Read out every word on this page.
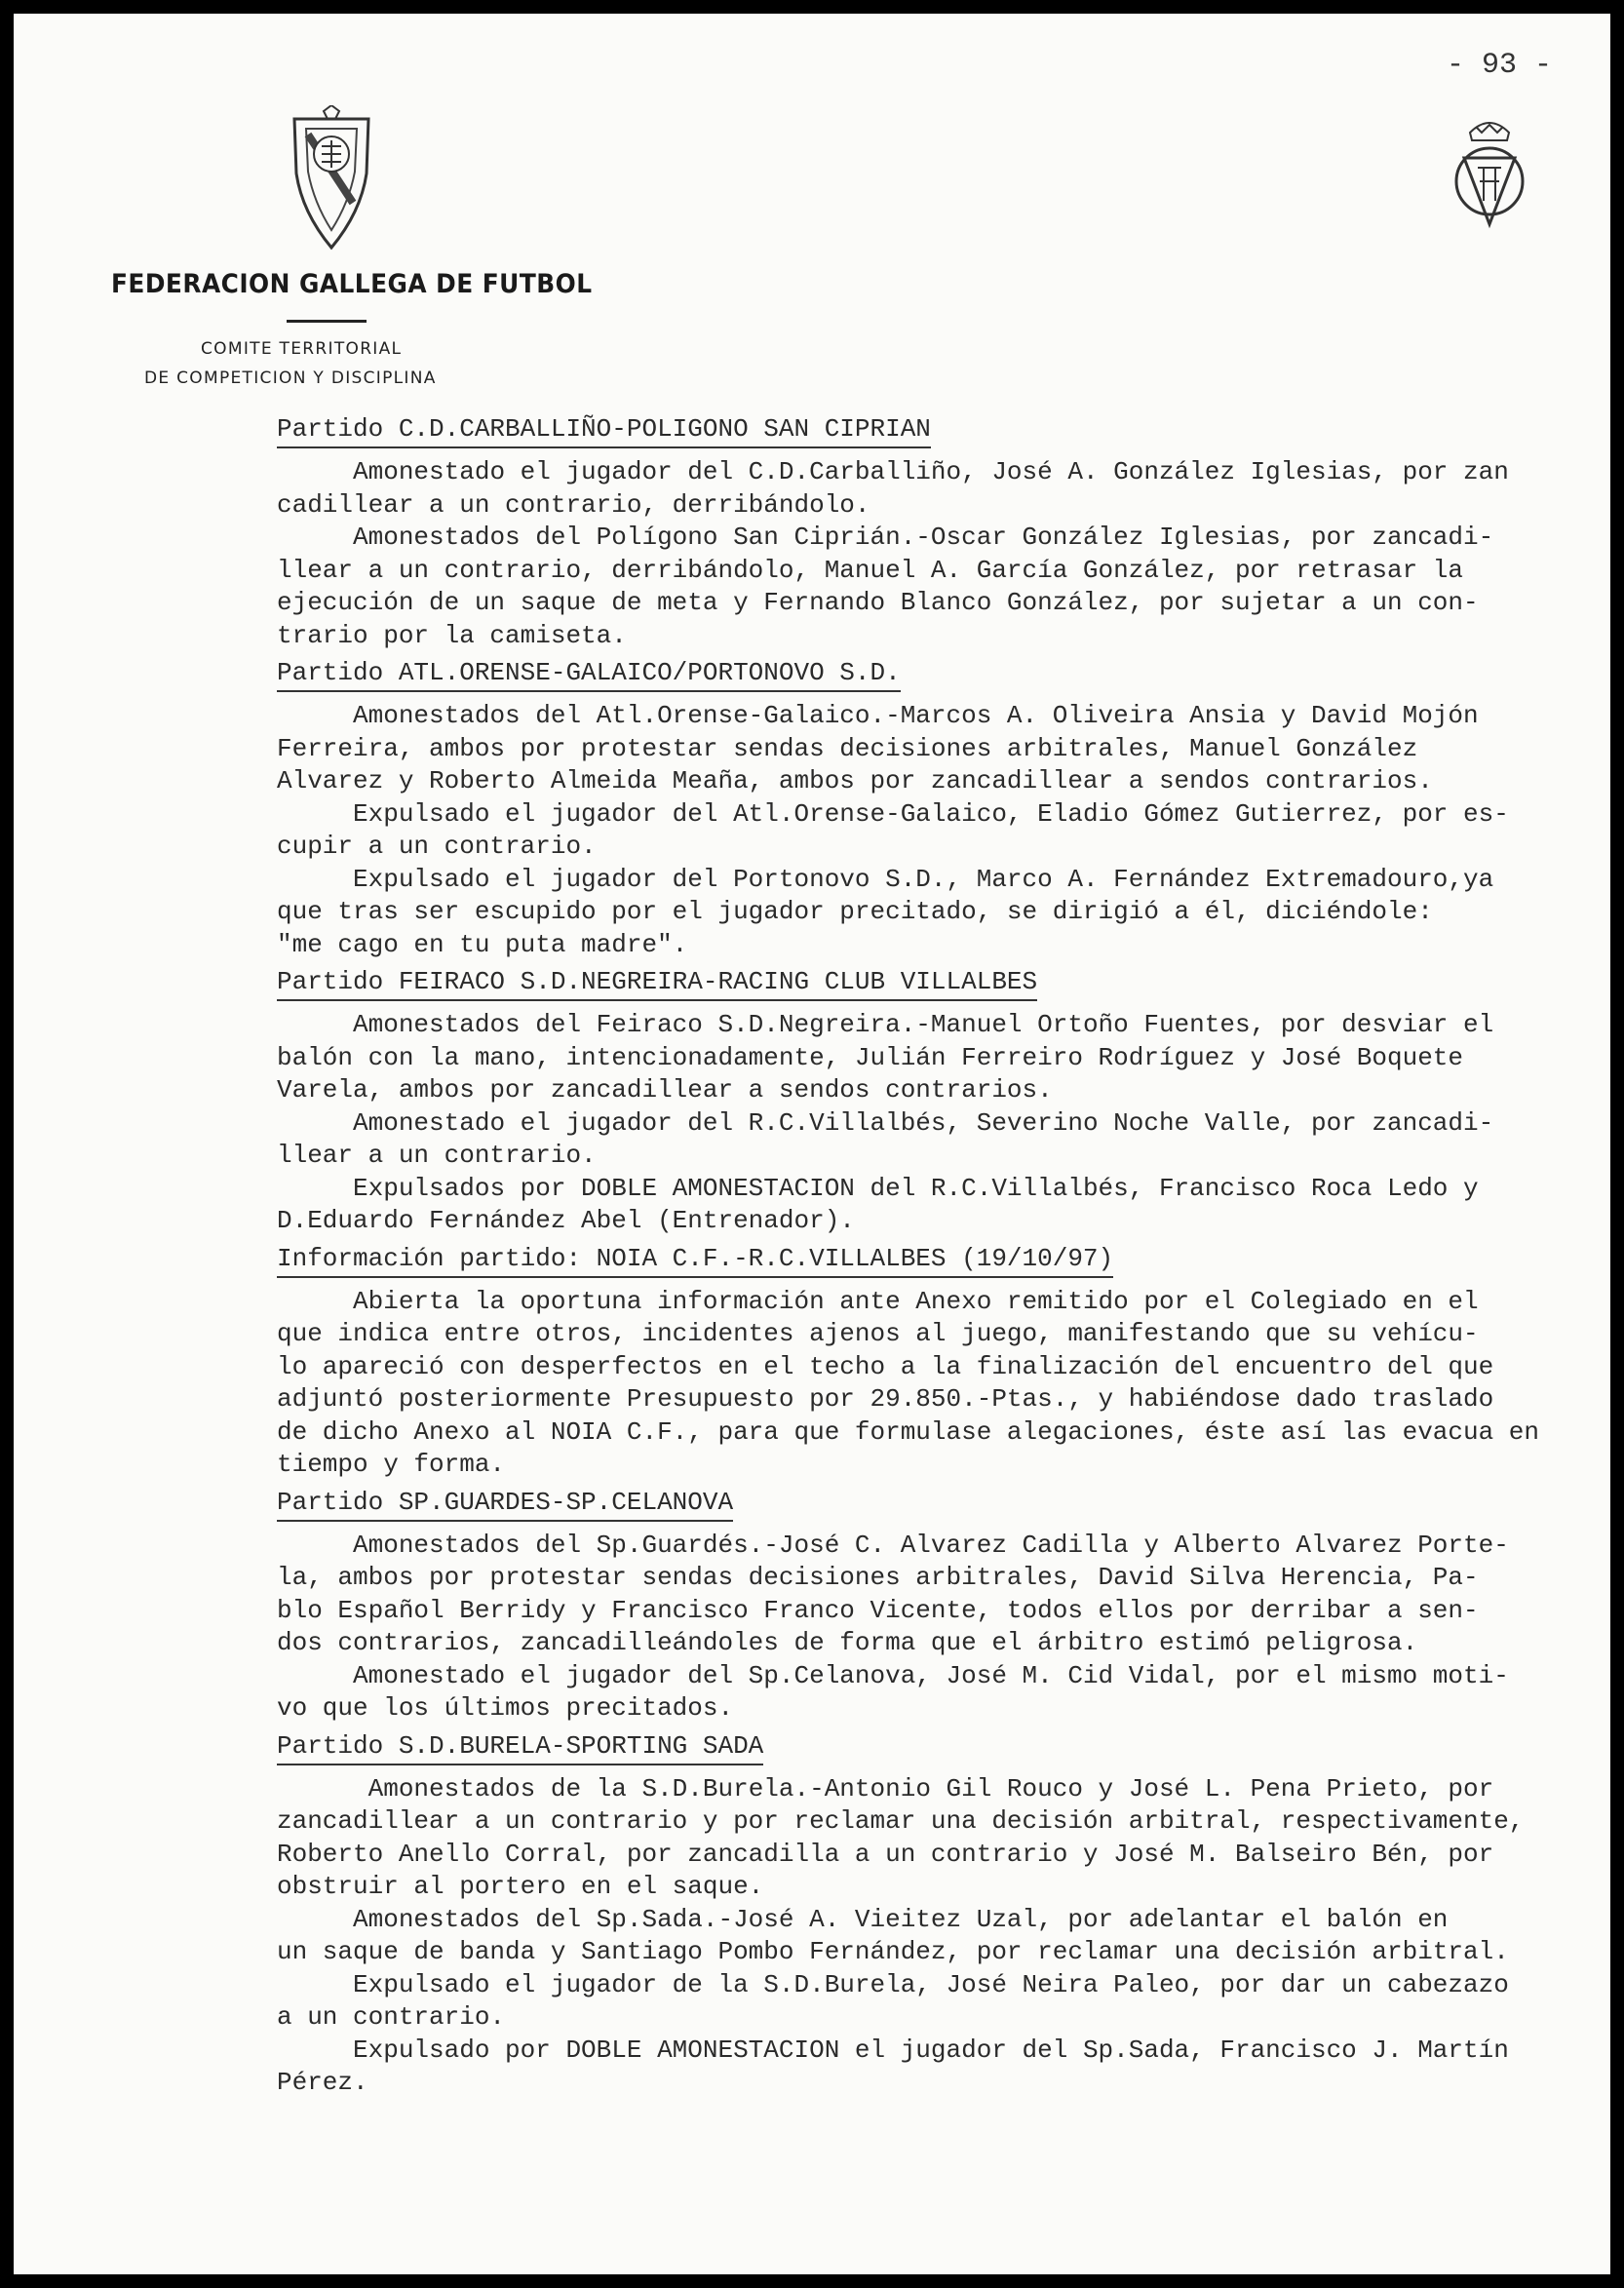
- 93 -
FEDERACION GALLEGA DE FUTBOL
COMITE TERRITORIAL
DE COMPETICION Y DISCIPLINA
Partido C.D.CARBALLIÑO-POLIGONO SAN CIPRIAN
Amonestado el jugador del C.D.Carballiño, José A. González Iglesias, por zan
cadillear a un contrario, derribándolo.
Amonestados del Polígono San Ciprián.-Oscar González Iglesias, por zancadi-
llear a un contrario, derribándolo, Manuel A. García González, por retrasar la
ejecución de un saque de meta y Fernando Blanco González, por sujetar a un con-
trario por la camiseta.
Partido ATL.ORENSE-GALAICO/PORTONOVO S.D.
Amonestados del Atl.Orense-Galaico.-Marcos A. Oliveira Ansia y David Mojón
Ferreira, ambos por protestar sendas decisiones arbitrales, Manuel González
Alvarez y Roberto Almeida Meaña, ambos por zancadillear a sendos contrarios.
Expulsado el jugador del Atl.Orense-Galaico, Eladio Gómez Gutierrez, por es-
cupir a un contrario.
Expulsado el jugador del Portonovo S.D., Marco A. Fernández Extremadouro,ya
que tras ser escupido por el jugador precitado, se dirigió a él, diciéndole:
"me cago en tu puta madre".
Partido FEIRACO S.D.NEGREIRA-RACING CLUB VILLALBES
Amonestados del Feiraco S.D.Negreira.-Manuel Ortoño Fuentes, por desviar el
balón con la mano, intencionadamente, Julián Ferreiro Rodríguez y José Boquete
Varela, ambos por zancadillear a sendos contrarios.
Amonestado el jugador del R.C.Villalbés, Severino Noche Valle, por zancadi-
llear a un contrario.
Expulsados por DOBLE AMONESTACION del R.C.Villalbés, Francisco Roca Ledo y
D.Eduardo Fernández Abel (Entrenador).
Información partido: NOIA C.F.-R.C.VILLALBES (19/10/97)
Abierta la oportuna información ante Anexo remitido por el Colegiado en el
que indica entre otros, incidentes ajenos al juego, manifestando que su vehícu-
lo apareció con desperfectos en el techo a la finalización del encuentro del que
adjuntó posteriormente Presupuesto por 29.850.-Ptas., y habiéndose dado traslado
de dicho Anexo al NOIA C.F., para que formulase alegaciones, éste así las evacua en
tiempo y forma.
Partido SP.GUARDES-SP.CELANOVA
Amonestados del Sp.Guardés.-José C. Alvarez Cadilla y Alberto Alvarez Porte-
la, ambos por protestar sendas decisiones arbitrales, David Silva Herencia, Pa-
blo Español Berridy y Francisco Franco Vicente, todos ellos por derribar a sen-
dos contrarios, zancadilleándoles de forma que el árbitro estimó peligrosa.
Amonestado el jugador del Sp.Celanova, José M. Cid Vidal, por el mismo moti-
vo que los últimos precitados.
Partido S.D.BURELA-SPORTING SADA
Amonestados de la S.D.Burela.-Antonio Gil Rouco y José L. Pena Prieto, por
zancadillear a un contrario y por reclamar una decisión arbitral, respectivamente,
Roberto Anello Corral, por zancadilla a un contrario y José M. Balseiro Bén, por
obstruir al portero en el saque.
Amonestados del Sp.Sada.-José A. Vieitez Uzal, por adelantar el balón en
un saque de banda y Santiago Pombo Fernández, por reclamar una decisión arbitral.
Expulsado el jugador de la S.D.Burela, José Neira Paleo, por dar un cabezazo
a un contrario.
Expulsado por DOBLE AMONESTACION el jugador del Sp.Sada, Francisco J. Martín
Pérez.
